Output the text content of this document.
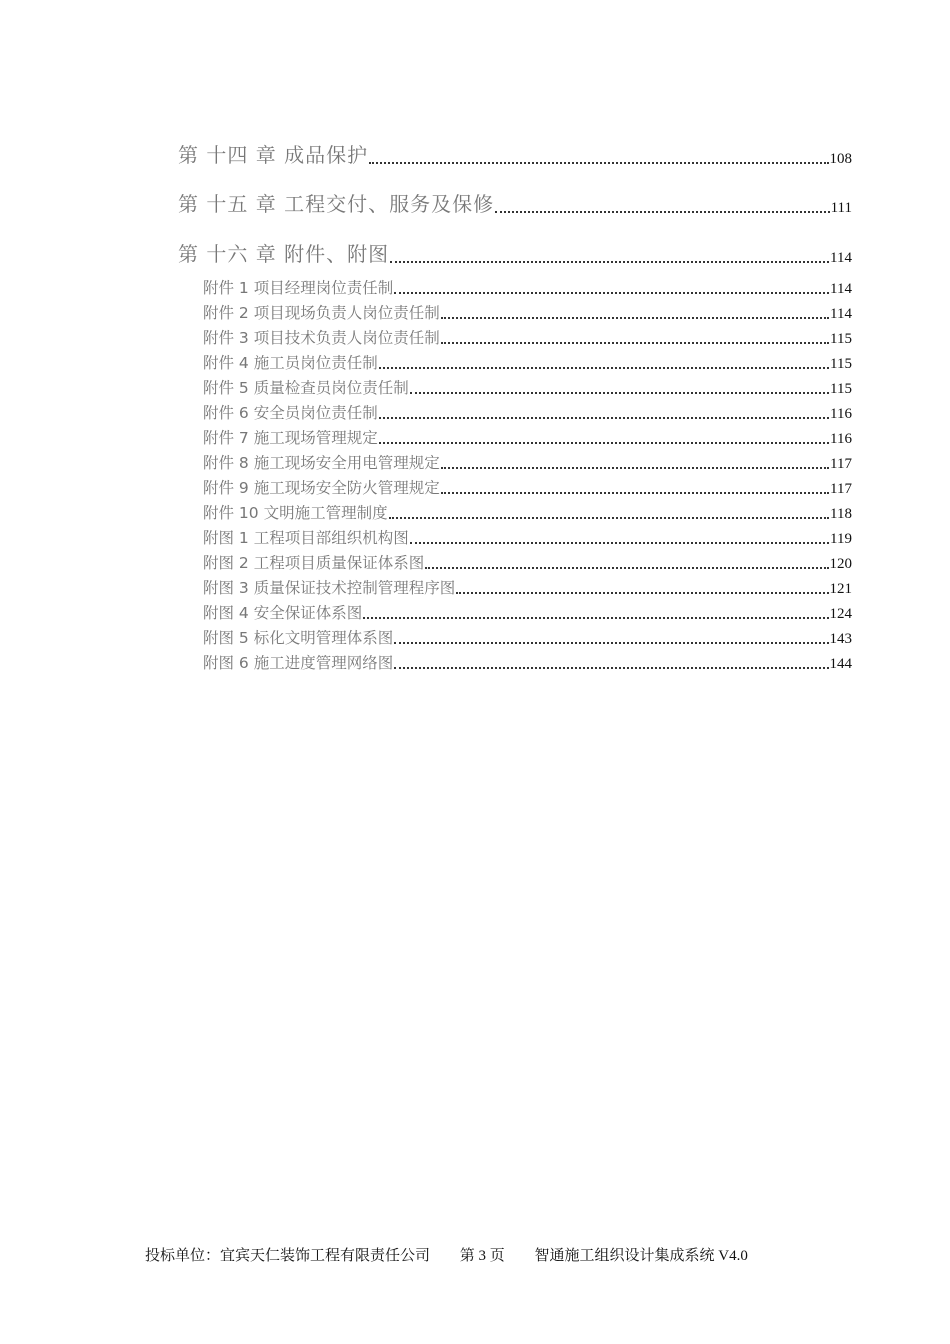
第 十四 章 成品保护	108
第 十五 章 工程交付、服务及保修	111
第 十六 章 附件、附图	114
附件 1 项目经理岗位责任制	114
附件 2 项目现场负责人岗位责任制	114
附件 3 项目技术负责人岗位责任制	115
附件 4 施工员岗位责任制	115
附件 5 质量检查员岗位责任制	115
附件 6 安全员岗位责任制	116
附件 7 施工现场管理规定	116
附件 8 施工现场安全用电管理规定	117
附件 9 施工现场安全防火管理规定	117
附件 10 文明施工管理制度	118
附图 1 工程项目部组织机构图	119
附图 2 工程项目质量保证体系图	120
附图 3 质量保证技术控制管理程序图	121
附图 4 安全保证体系图	124
附图 5 标化文明管理体系图	143
附图 6 施工进度管理网络图	144
投标单位：宜宾天仁装饰工程有限责任公司 第 3 页 智通施工组织设计集成系统 V4.0
